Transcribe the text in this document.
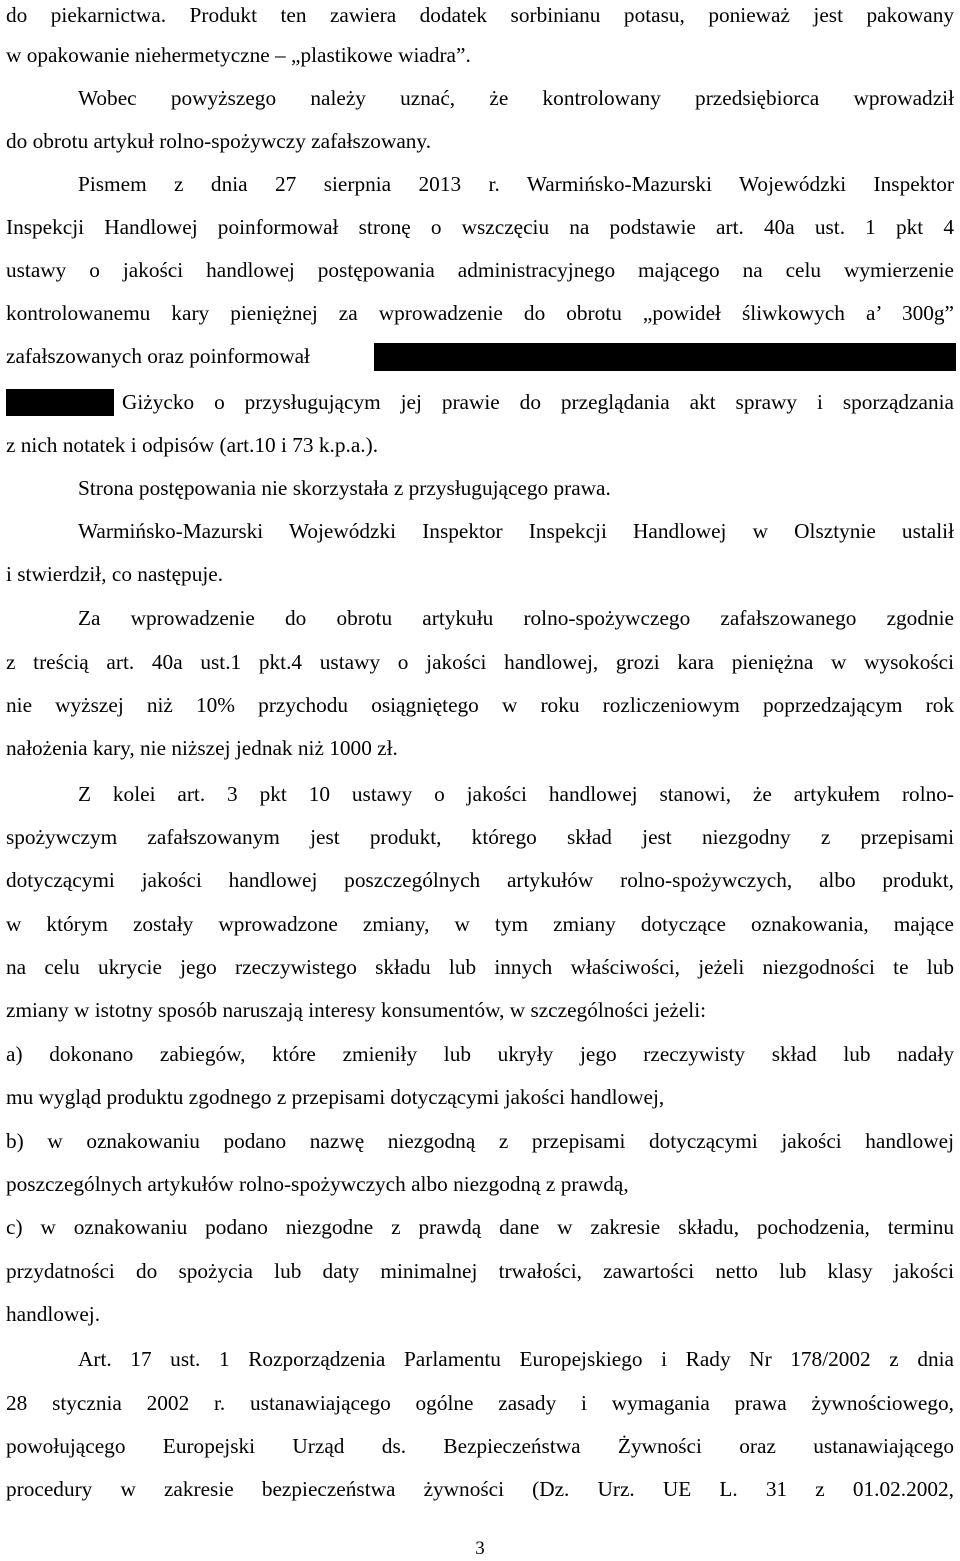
do piekarnictwa. Produkt ten zawiera dodatek sorbinianu potasu, ponieważ jest pakowany
w opakowanie niehermetyczne – „plastikowe wiadra”.
Wobec powyższego należy uznać, że kontrolowany przedsiębiorca wprowadził
do obrotu artykuł rolno-spożywczy zafałszowany.
Pismem z dnia 27 sierpnia 2013 r. Warmińsko-Mazurski Wojewódzki Inspektor
Inspekcji Handlowej poinformował stronę o wszczęciu na podstawie art. 40a ust. 1 pkt 4
ustawy o jakości handlowej postępowania administracyjnego mającego na celu wymierzenie
kontrolowanemu kary pieniężnej za wprowadzenie do obrotu „powideł śliwkowych a’ 300g”
zafałszowanych oraz poinformował
Giżycko o przysługującym jej prawie do przeglądania akt sprawy i sporządzania
z nich notatek i odpisów (art.10 i 73 k.p.a.).
Strona postępowania nie skorzystała z przysługującego prawa.
Warmińsko-Mazurski Wojewódzki Inspektor Inspekcji Handlowej w Olsztynie ustalił
i stwierdził, co następuje.
Za wprowadzenie do obrotu artykułu rolno-spożywczego zafałszowanego zgodnie
z treścią art. 40a ust.1 pkt.4 ustawy o jakości handlowej, grozi kara pieniężna w wysokości
nie wyższej niż 10% przychodu osiągniętego w roku rozliczeniowym poprzedzającym rok
nałożenia kary, nie niższej jednak niż 1000 zł.
Z kolei art. 3 pkt 10 ustawy o jakości handlowej stanowi, że artykułem rolno-
spożywczym zafałszowanym jest produkt, którego skład jest niezgodny z przepisami
dotyczącymi jakości handlowej poszczególnych artykułów rolno-spożywczych, albo produkt,
w którym zostały wprowadzone zmiany, w tym zmiany dotyczące oznakowania, mające
na celu ukrycie jego rzeczywistego składu lub innych właściwości, jeżeli niezgodności te lub
zmiany w istotny sposób naruszają interesy konsumentów, w szczególności jeżeli:
a) dokonano zabiegów, które zmieniły lub ukryły jego rzeczywisty skład lub nadały
mu wygląd produktu zgodnego z przepisami dotyczącymi jakości handlowej,
b) w oznakowaniu podano nazwę niezgodną z przepisami dotyczącymi jakości handlowej
poszczególnych artykułów rolno-spożywczych albo niezgodną z prawdą,
c) w oznakowaniu podano niezgodne z prawdą dane w zakresie składu, pochodzenia, terminu
przydatności do spożycia lub daty minimalnej trwałości, zawartości netto lub klasy jakości
handlowej.
Art. 17 ust. 1 Rozporządzenia Parlamentu Europejskiego i Rady Nr 178/2002 z dnia
28 stycznia 2002 r. ustanawiającego ogólne zasady i wymagania prawa żywnościowego,
powołującego Europejski Urząd ds. Bezpieczeństwa Żywności oraz ustanawiającego
procedury w zakresie bezpieczeństwa żywności (Dz. Urz. UE L. 31 z 01.02.2002,
3
